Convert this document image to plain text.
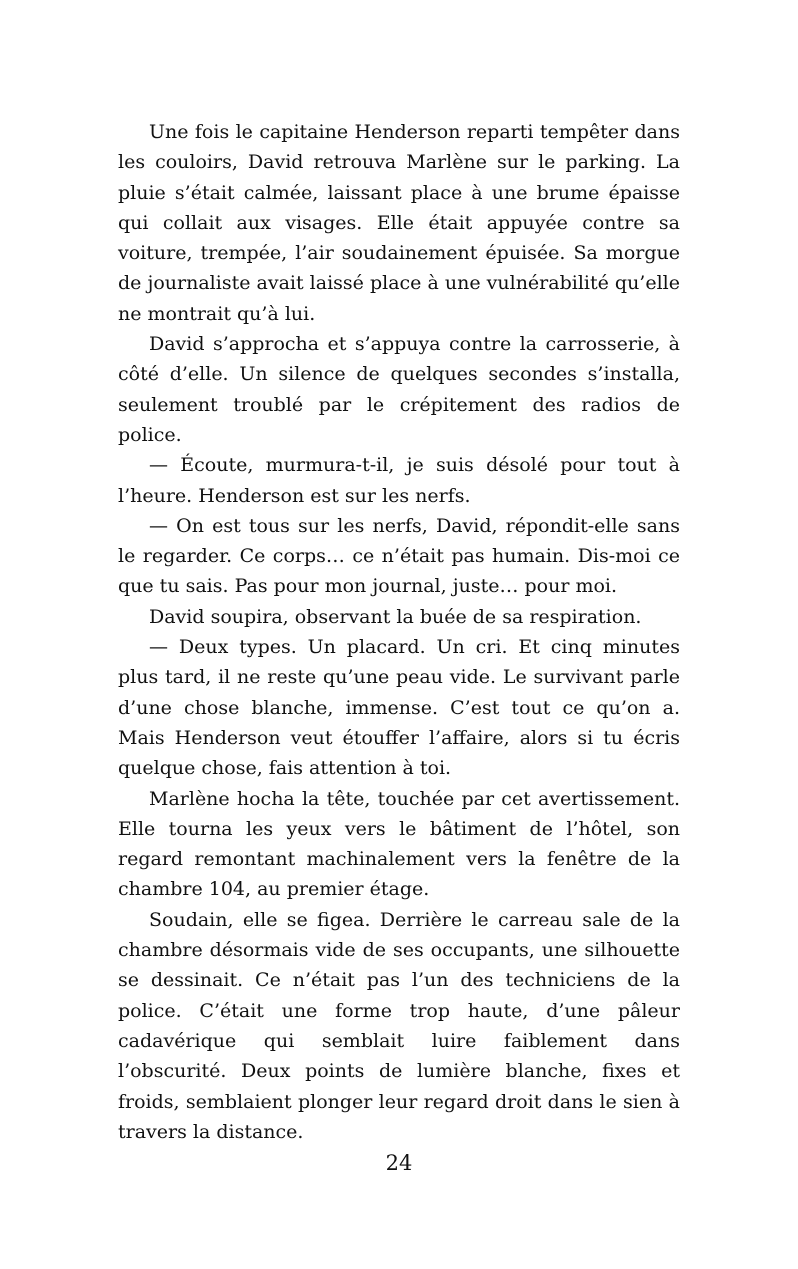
Une fois le capitaine Henderson reparti tempêter dans les couloirs, David retrouva Marlène sur le parking. La pluie s’était calmée, laissant place à une brume épaisse qui collait aux visages. Elle était appuyée contre sa voiture, trempée, l’air soudainement épuisée. Sa morgue de journaliste avait laissé place à une vulnérabilité qu’elle ne montrait qu’à lui.

David s’approcha et s’appuya contre la carrosserie, à côté d’elle. Un silence de quelques secondes s’installa, seulement troublé par le crépitement des radios de police.

— Écoute, murmura-t-il, je suis désolé pour tout à l’heure. Henderson est sur les nerfs.

— On est tous sur les nerfs, David, répondit-elle sans le regarder. Ce corps… ce n’était pas humain. Dis-moi ce que tu sais. Pas pour mon journal, juste… pour moi.

David soupira, observant la buée de sa respiration.

— Deux types. Un placard. Un cri. Et cinq minutes plus tard, il ne reste qu’une peau vide. Le survivant parle d’une chose blanche, immense. C’est tout ce qu’on a. Mais Henderson veut étouffer l’affaire, alors si tu écris quelque chose, fais attention à toi.

Marlène hocha la tête, touchée par cet avertissement. Elle tourna les yeux vers le bâtiment de l’hôtel, son regard remontant machinalement vers la fenêtre de la chambre 104, au premier étage.

Soudain, elle se figea. Derrière le carreau sale de la chambre désormais vide de ses occupants, une silhouette se dessinait. Ce n’était pas l’un des techniciens de la police. C’était une forme trop haute, d’une pâleur cadavérique qui semblait luire faiblement dans l’obscurité. Deux points de lumière blanche, fixes et froids, semblaient plonger leur regard droit dans le sien à travers la distance.

24
